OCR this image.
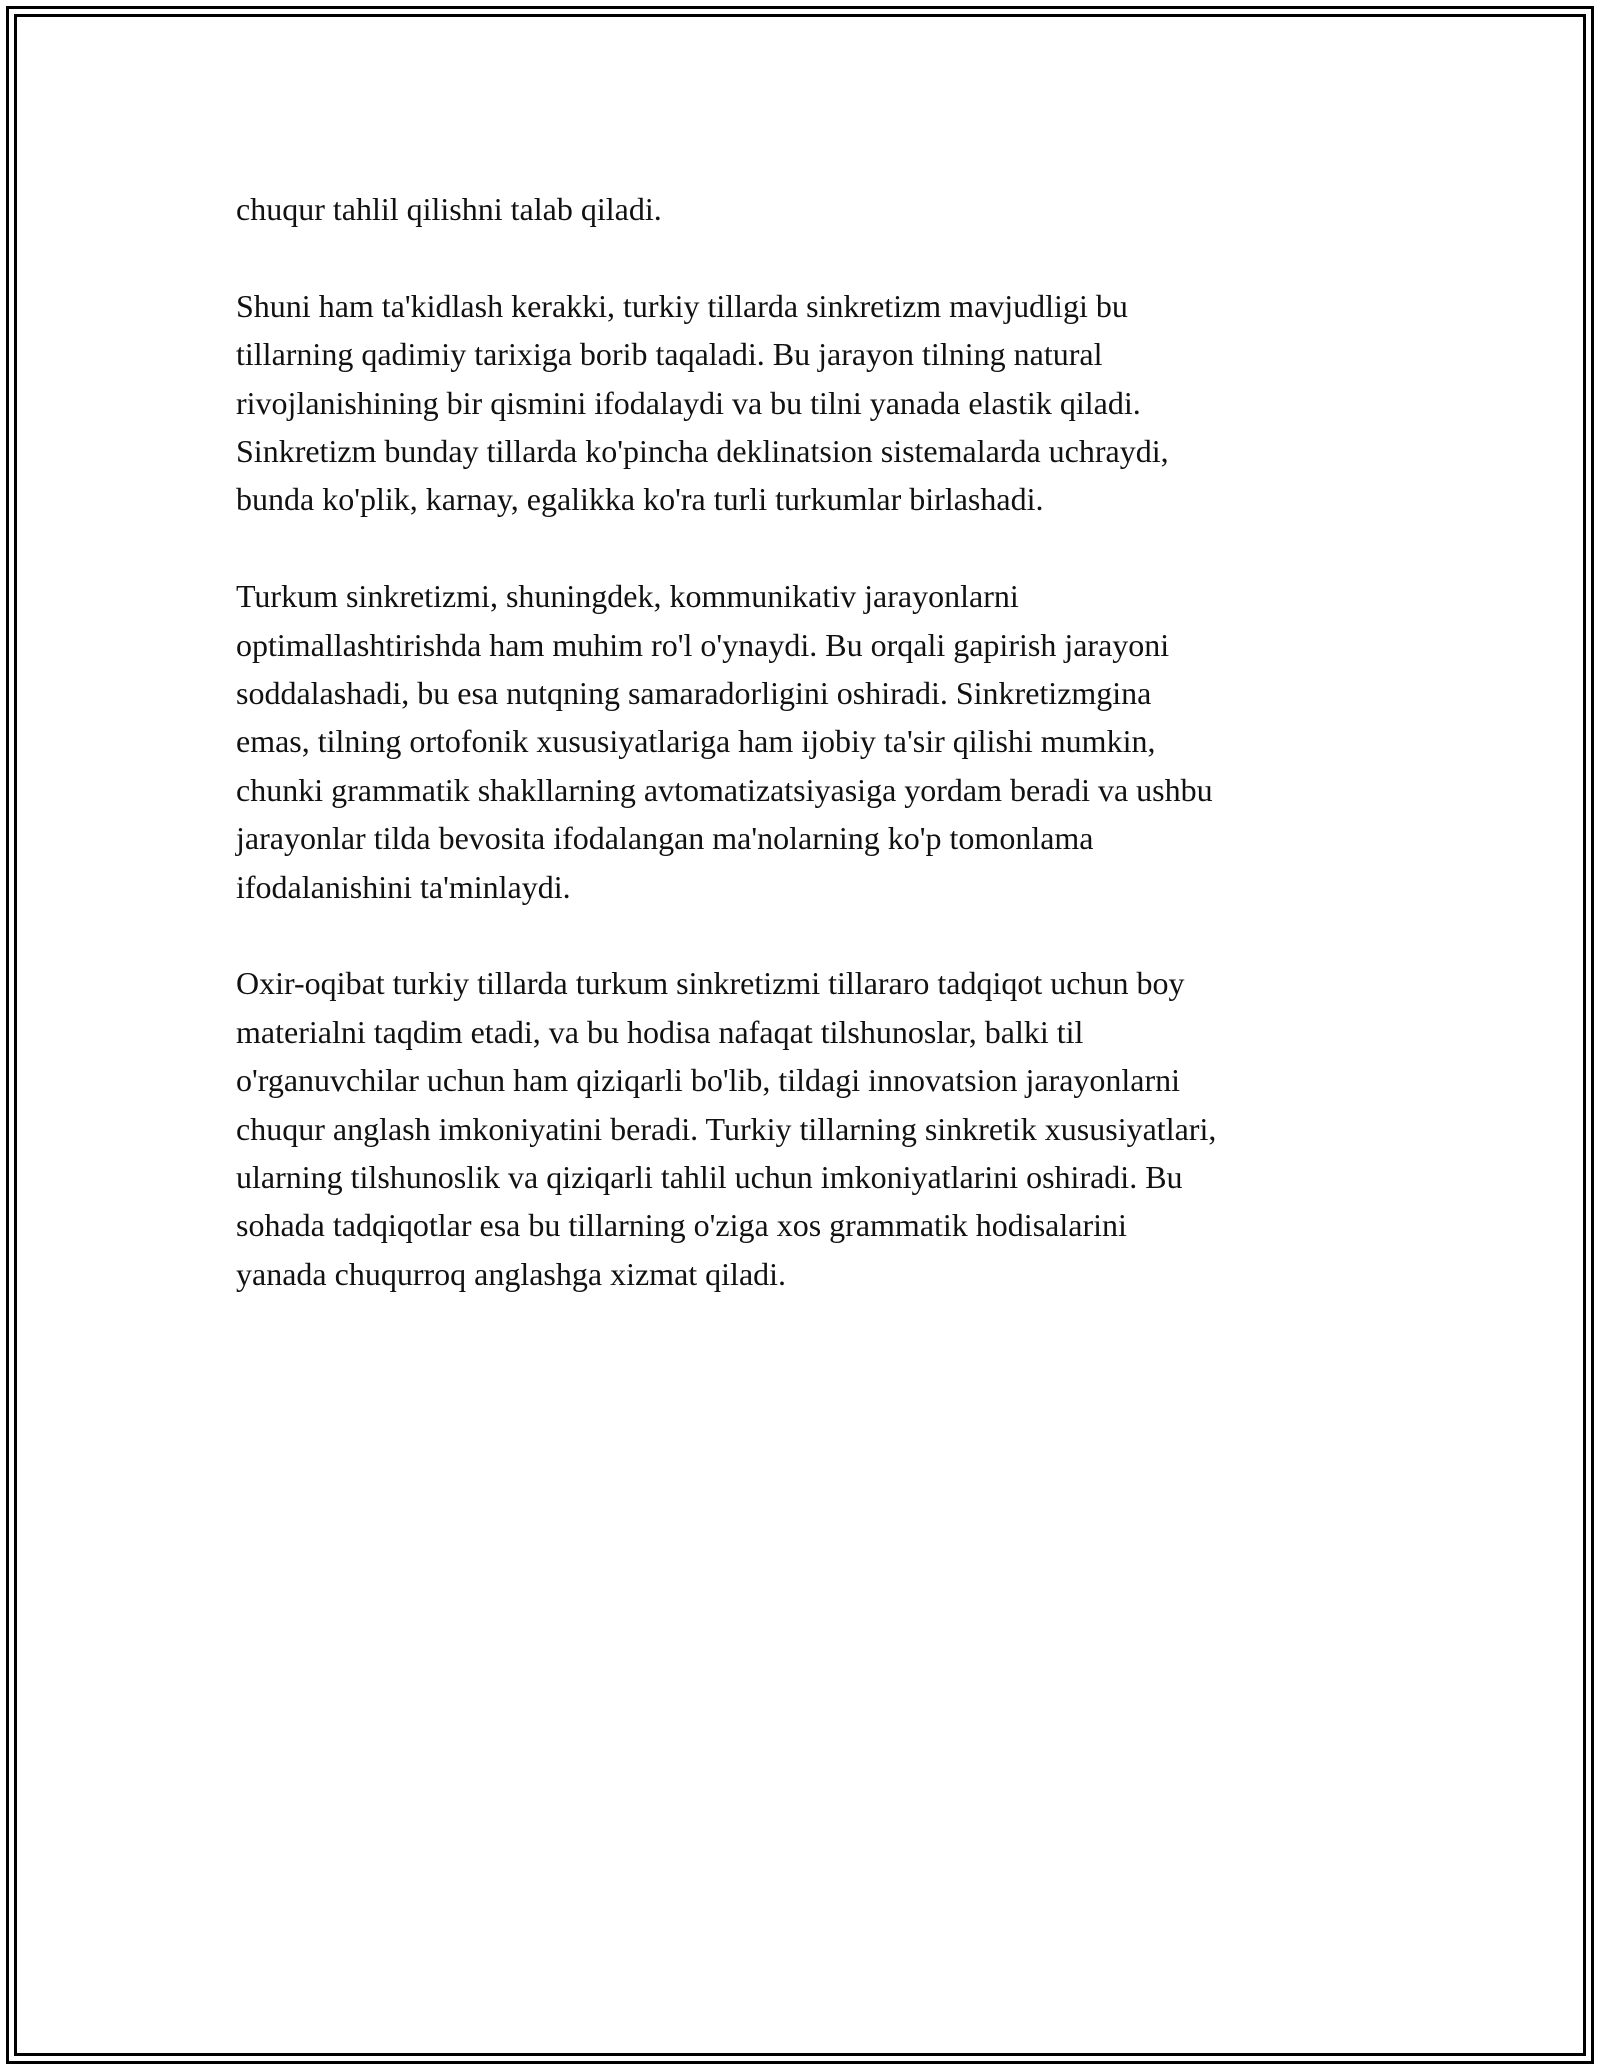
chuqur tahlil qilishni talab qiladi.

Shuni ham ta'kidlash kerakki, turkiy tillarda sinkretizm mavjudligi bu
tillarning qadimiy tarixiga borib taqaladi. Bu jarayon tilning natural
rivojlanishining bir qismini ifodalaydi va bu tilni yanada elastik qiladi.
Sinkretizm bunday tillarda ko'pincha deklinatsion sistemalarda uchraydi,
bunda ko'plik, karnay, egalikka ko'ra turli turkumlar birlashadi.

Turkum sinkretizmi, shuningdek, kommunikativ jarayonlarni
optimallashtirishda ham muhim ro'l o'ynaydi. Bu orqali gapirish jarayoni
soddalashadi, bu esa nutqning samaradorligini oshiradi. Sinkretizmgina
emas, tilning ortofonik xususiyatlariga ham ijobiy ta'sir qilishi mumkin,
chunki grammatik shakllarning avtomatizatsiyasiga yordam beradi va ushbu
jarayonlar tilda bevosita ifodalangan ma'nolarning ko'p tomonlama
ifodalanishini ta'minlaydi.

Oxir-oqibat turkiy tillarda turkum sinkretizmi tillararo tadqiqot uchun boy
materialni taqdim etadi, va bu hodisa nafaqat tilshunoslar, balki til
o'rganuvchilar uchun ham qiziqarli bo'lib, tildagi innovatsion jarayonlarni
chuqur anglash imkoniyatini beradi. Turkiy tillarning sinkretik xususiyatlari,
ularning tilshunoslik va qiziqarli tahlil uchun imkoniyatlarini oshiradi. Bu
sohada tadqiqotlar esa bu tillarning o'ziga xos grammatik hodisalarini
yanada chuqurroq anglashga xizmat qiladi.
